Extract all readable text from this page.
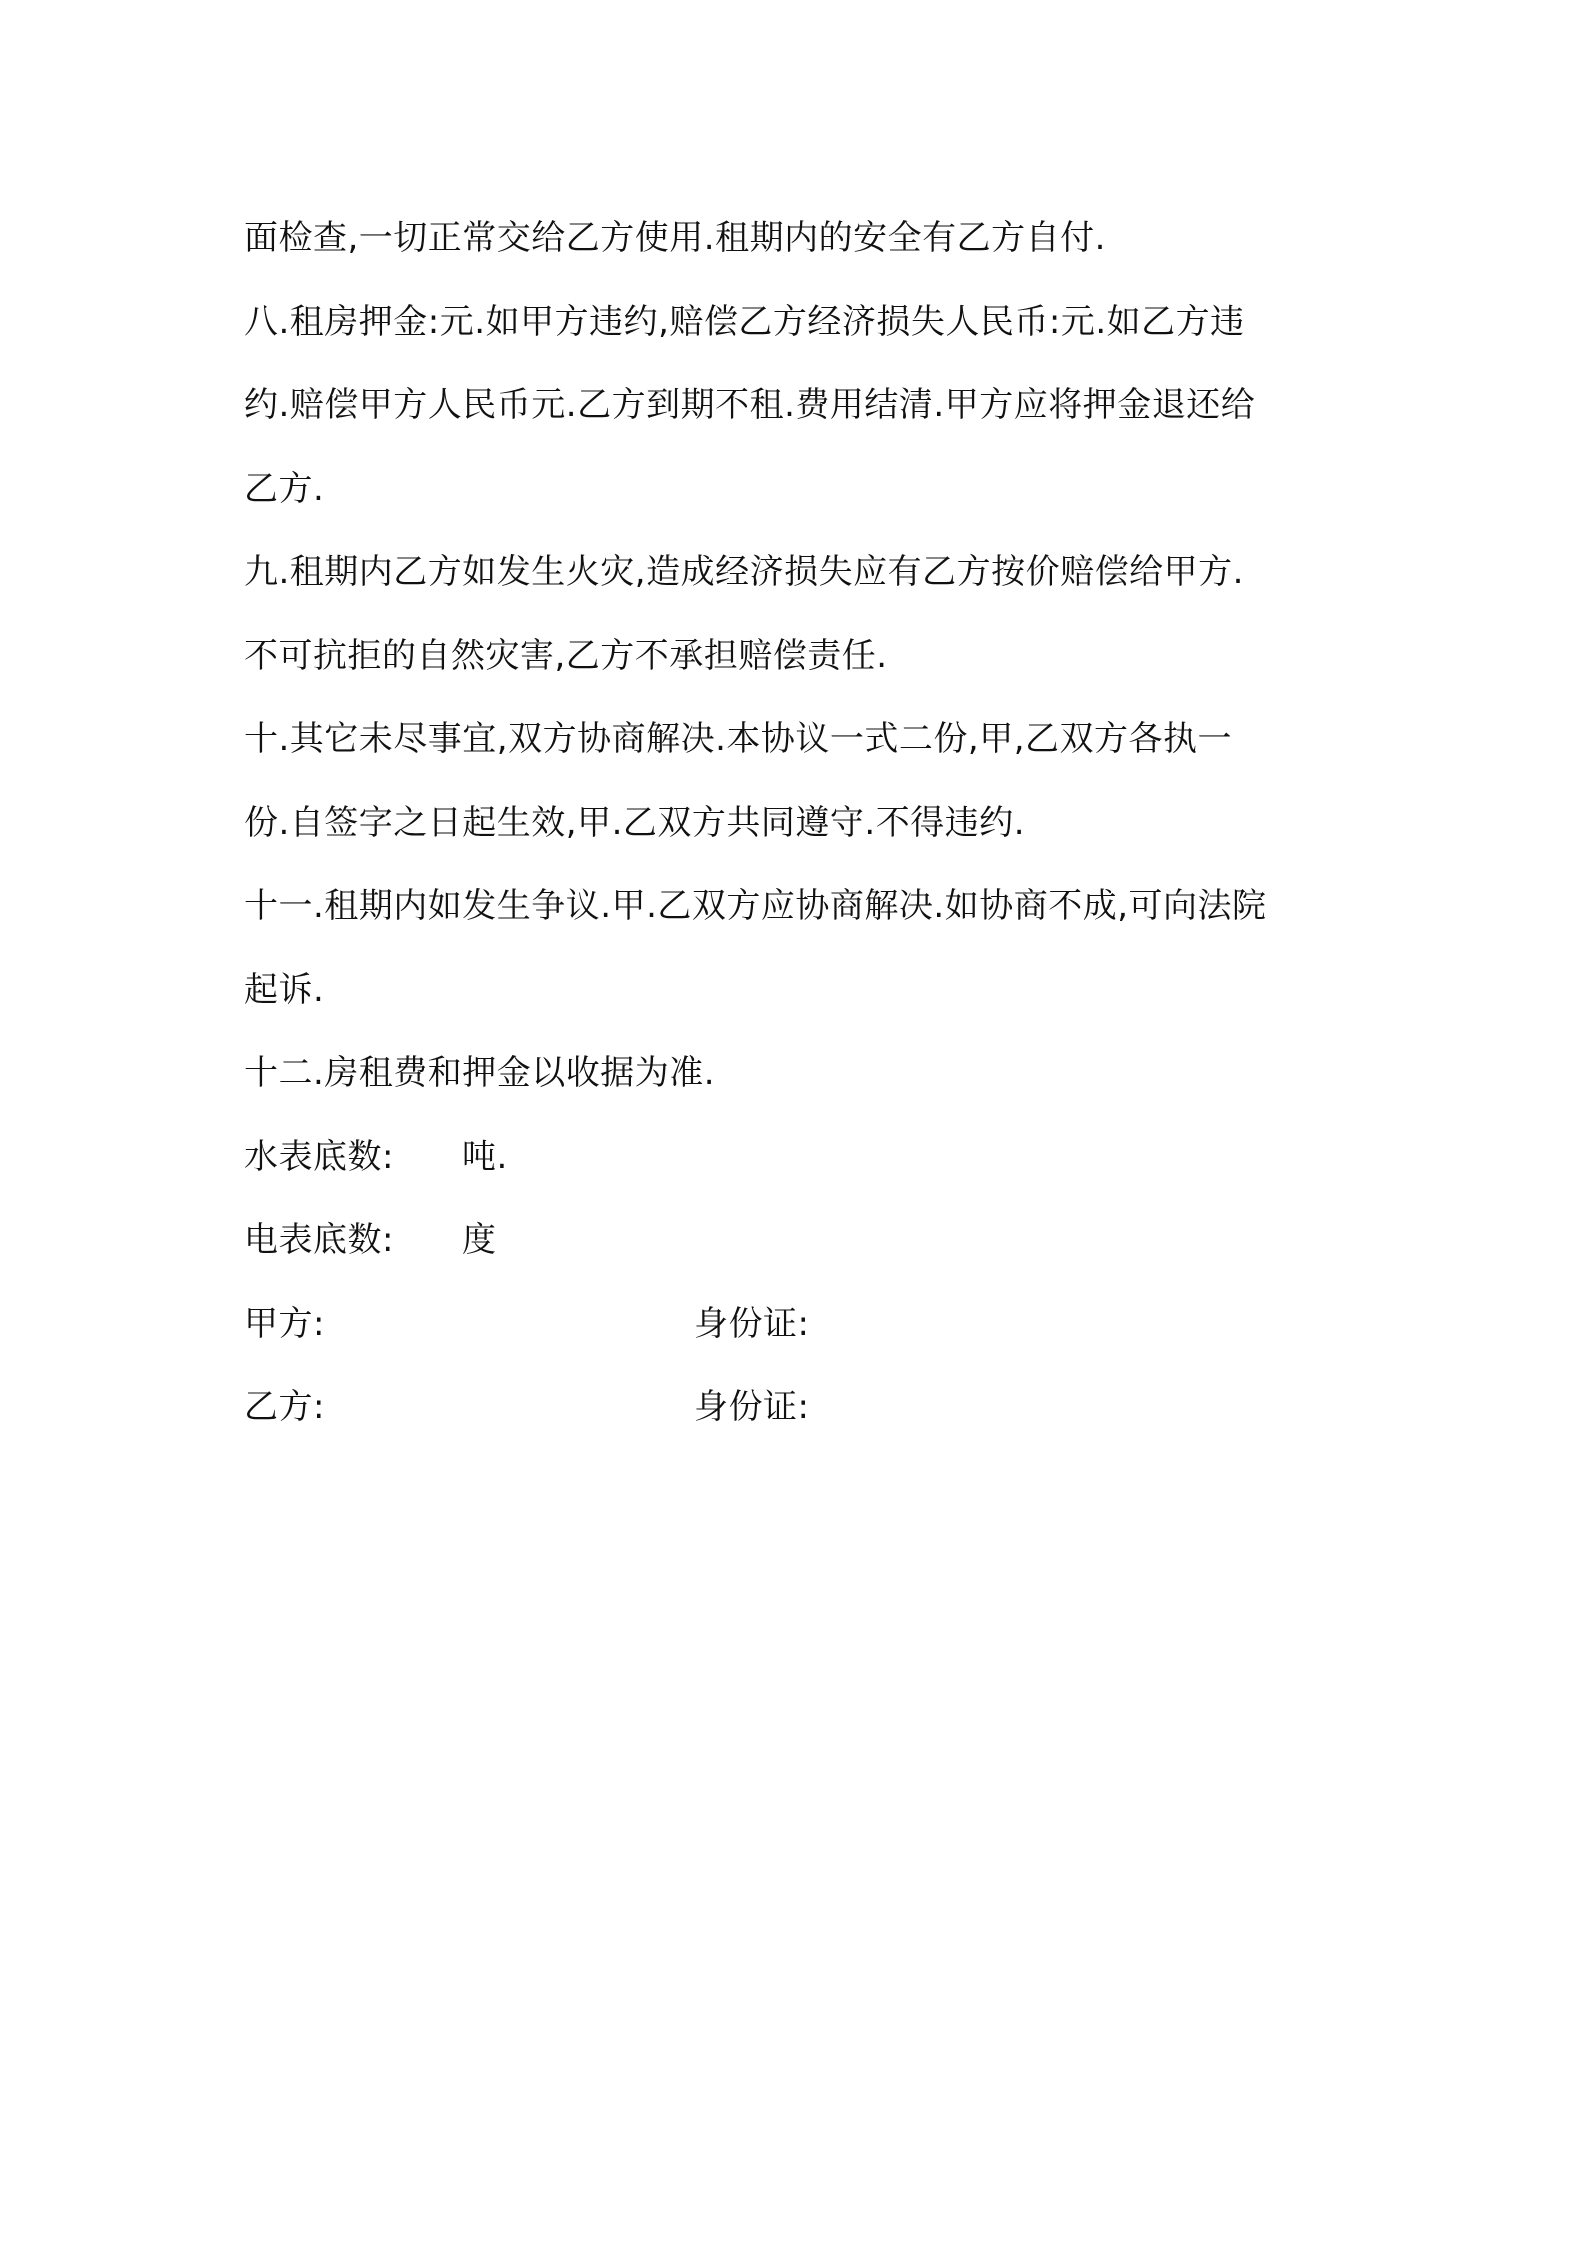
面检查,一切正常交给乙方使用.租期内的安全有乙方自付.
八.租房押金:元.如甲方违约,赔偿乙方经济损失人民币:元.如乙方违
约.赔偿甲方人民币元.乙方到期不租.费用结清.甲方应将押金退还给
乙方.
九.租期内乙方如发生火灾,造成经济损失应有乙方按价赔偿给甲方.
不可抗拒的自然灾害,乙方不承担赔偿责任.
十.其它未尽事宜,双方协商解决.本协议一式二份,甲,乙双方各执一
份.自签字之日起生效,甲.乙双方共同遵守.不得违约.
十一.租期内如发生争议.甲.乙双方应协商解决.如协商不成,可向法院
起诉.
十二.房租费和押金以收据为准.
水表底数:	吨.
电表底数:	度
甲方:	身份证:
乙方:	身份证:
